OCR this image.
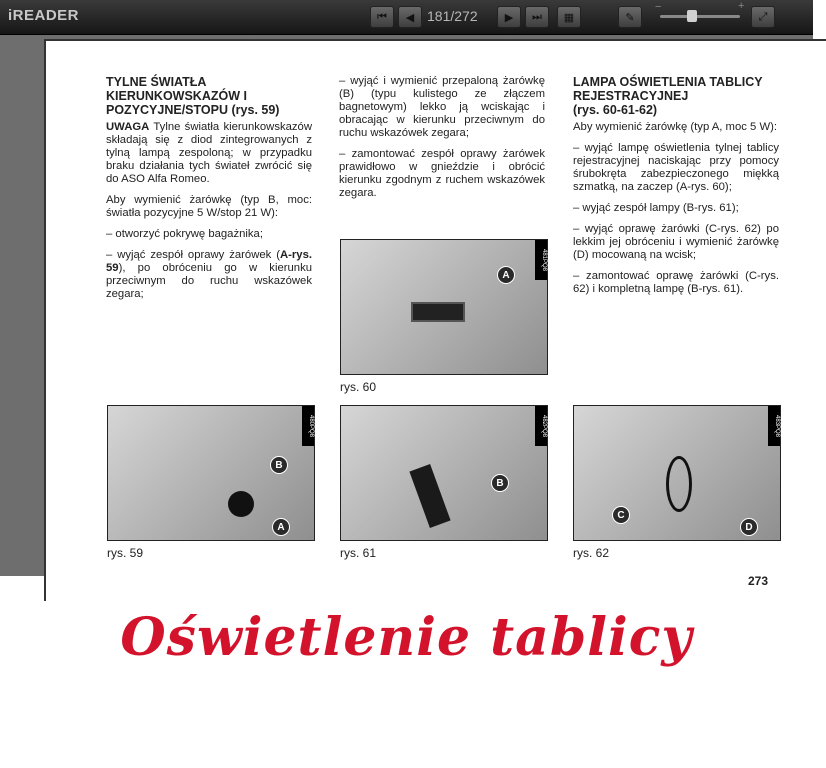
iREADER	⏮ ◀ 181/272 ▶ ⏭ ▦	✎
−	+
⤢
TYLNE ŚWIATŁA KIERUNKOWSKAZÓW I POZYCYJNE/STOPU (rys. 59)

UWAGA Tylne światła kierunkowskazów składają się z diod zintegrowanych z tylną lampą zespoloną; w przypadku braku działania tych świateł zwrócić się do ASO Alfa Romeo.

Aby wymienić żarówkę (typ B, moc: światła pozycyjne 5 W/stop 21 W):

– otworzyć pokrywę bagażnika;

– wyjąć zespół oprawy żarówek (A-rys. 59), po obróceniu go w kierunku przeciwnym do ruchu wskazówek zegara;

– wyjąć i wymienić przepaloną żarówkę (B) (typu kulistego ze złączem bagnetowym) lekko ją wciskając i obracając w kierunku przeciwnym do ruchu wskazówek zegara;

– zamontować zespół oprawy żarówek prawidłowo w gnieździe i obrócić kierunku zgodnym z ruchem wskazówek zegara.

LAMPA OŚWIETLENIA TABLICY REJESTRACYJNEJ
(rys. 60-61-62)

Aby wymienić żarówkę (typ A, moc 5 W):

– wyjąć lampę oświetlenia tylnej tablicy rejestracyjnej naciskając przy pomocy śrubokręta zabezpieczonego miękką szmatką, na zaczep (A-rys. 60);

– wyjąć zespół lampy (B-rys. 61);

– wyjąć oprawę żarówki (C-rys. 62) po lekkim jej obróceniu i wymienić żarówkę (D) mocowaną na wcisk;

– zamontować oprawę żarówki (C-rys. 62) i kompletną lampę (B-rys. 61).

481PQ8
A
rys. 60
480PQ8
B
A
rys. 59
482PQ8
B
rys. 61
483PQ8
C
D
rys. 62
273
Oświetlenie tablicy
